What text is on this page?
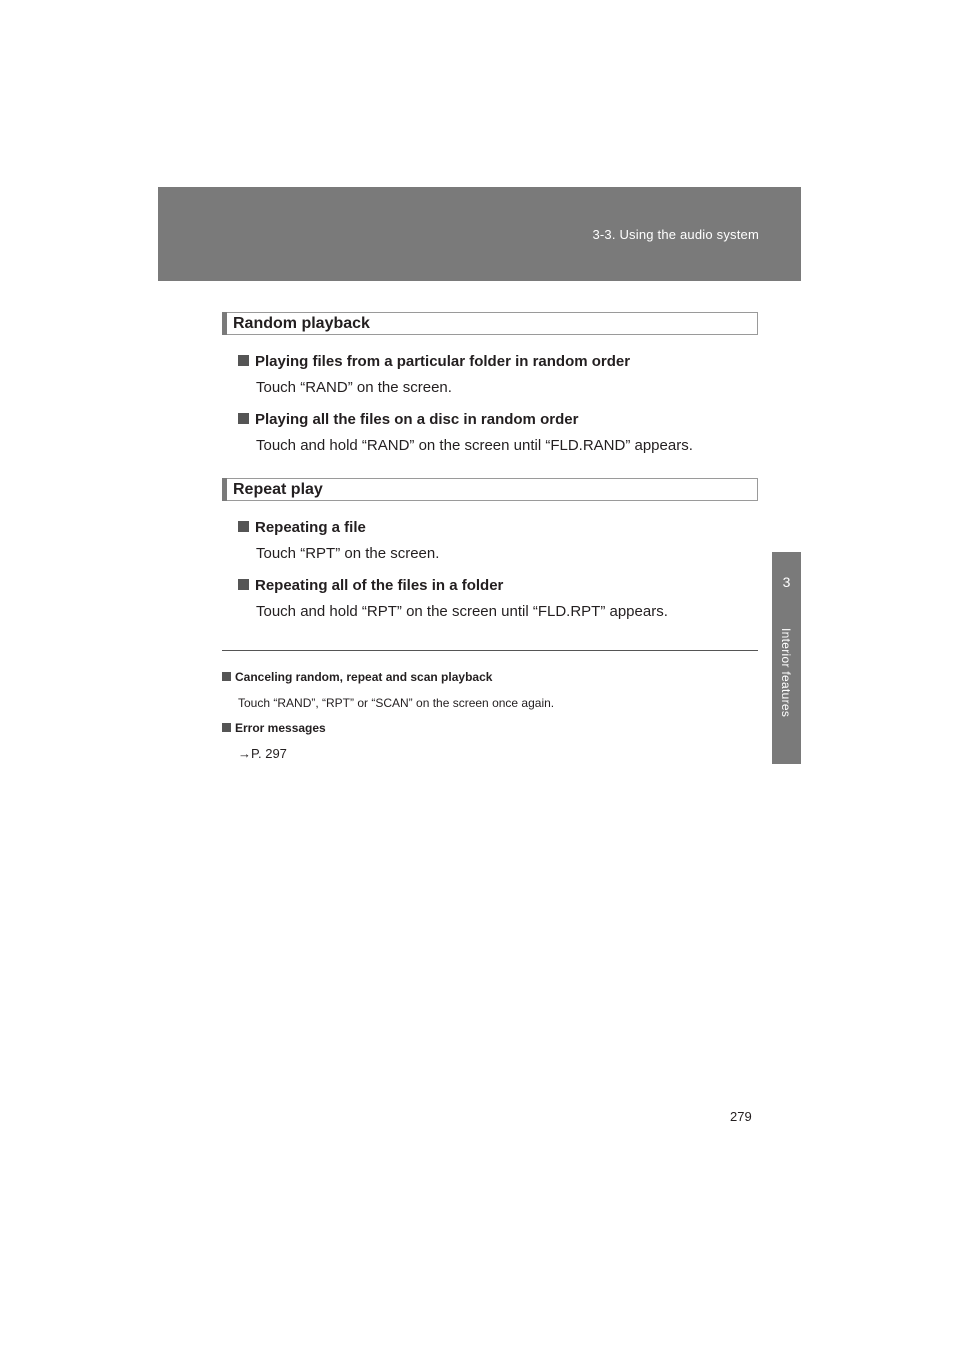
3-3. Using the audio system
3
Interior features
Random playback
Playing files from a particular folder in random order
Touch “RAND” on the screen.
Playing all the files on a disc in random order
Touch and hold “RAND” on the screen until “FLD.RAND” appears.
Repeat play
Repeating a file
Touch “RPT” on the screen.
Repeating all of the files in a folder
Touch and hold “RPT” on the screen until “FLD.RPT” appears.
Canceling random, repeat and scan playback
Touch “RAND”, “RPT” or “SCAN” on the screen once again.
Error messages
→P. 297
279
